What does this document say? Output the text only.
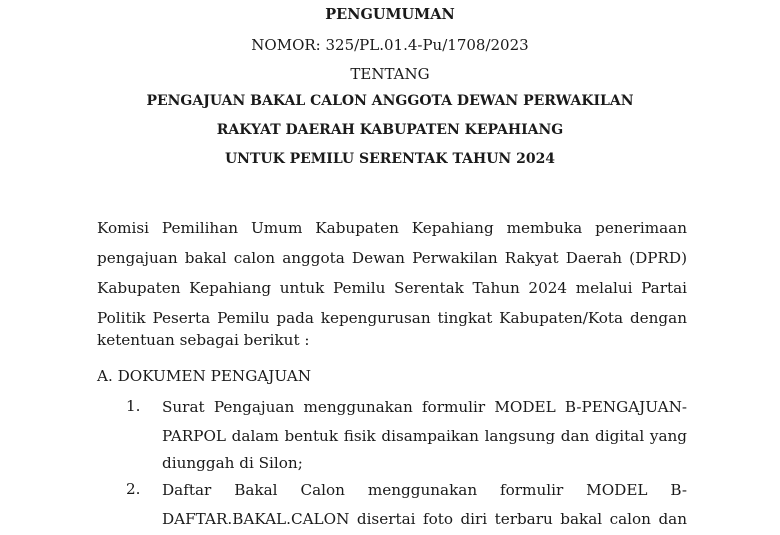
PENGUMUMAN
NOMOR: 325/PL.01.4-Pu/1708/2023
TENTANG
PENGAJUAN BAKAL CALON ANGGOTA DEWAN PERWAKILAN
RAKYAT DAERAH KABUPATEN KEPAHIANG
UNTUK PEMILU SERENTAK TAHUN 2024
Komisi Pemilihan Umum Kabupaten Kepahiang membuka penerimaan
pengajuan bakal calon anggota Dewan Perwakilan Rakyat Daerah (DPRD)
Kabupaten Kepahiang untuk Pemilu Serentak Tahun 2024 melalui Partai
Politik Peserta Pemilu pada kepengurusan tingkat Kabupaten/Kota dengan
ketentuan sebagai berikut :
A. DOKUMEN PENGAJUAN
1. Surat Pengajuan menggunakan formulir MODEL B-PENGAJUAN-
PARPOL dalam bentuk fisik disampaikan langsung dan digital yang
diunggah di Silon;
2. Daftar Bakal Calon menggunakan formulir MODEL B-
DAFTAR.BAKAL.CALON disertai foto diri terbaru bakal calon dan
